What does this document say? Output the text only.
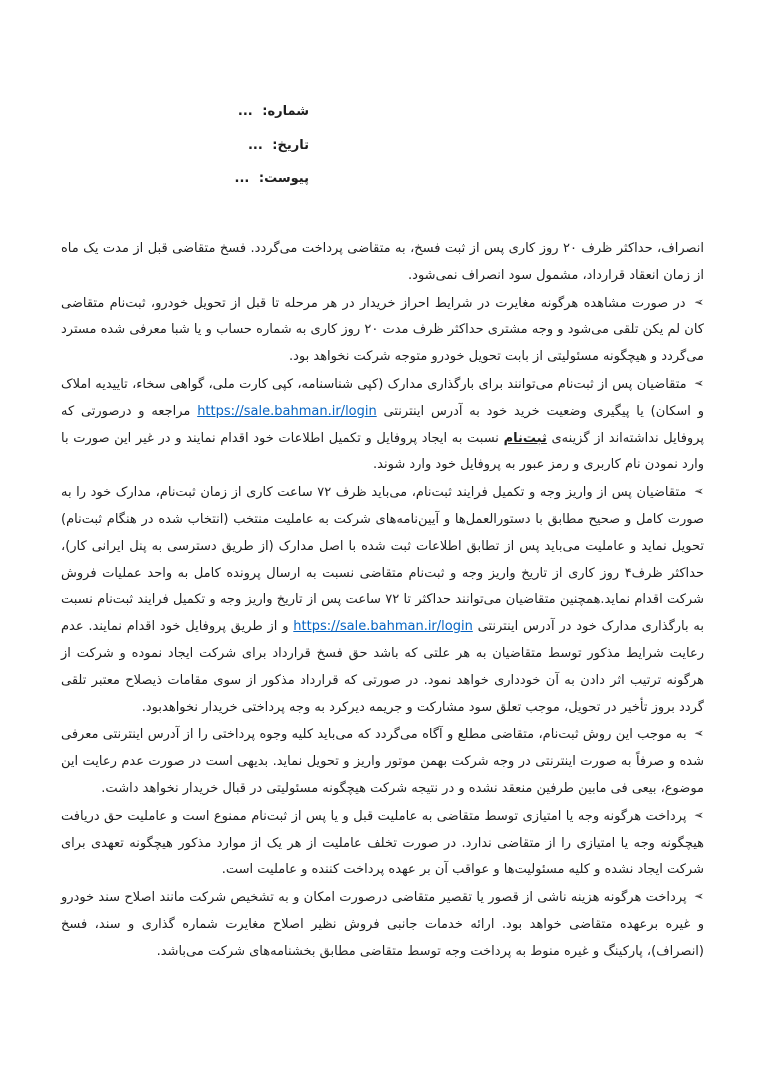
شماره: ...
تاریخ: ...
پیوست: ...

انصراف، حداکثر ظرف ۲۰ روز کاری پس از ثبت فسخ، به متقاضی پرداخت می‌گردد. فسخ متقاضی قبل از مدت یک ماه از زمان انعقاد قرارداد، مشمول سود انصراف نمی‌شود.

➢ در صورت مشاهده هرگونه مغایرت در شرایط احراز خریدار در هر مرحله تا قبل از تحویل خودرو، ثبت‌نام متقاضی کان لم یکن تلقی می‌شود و وجه مشتری حداکثر ظرف مدت ۲۰ روز کاری به شماره حساب و یا شبا معرفی شده مسترد می‌گردد و هیچگونه مسئولیتی از بابت تحویل خودرو متوجه شرکت نخواهد بود.

➢ متقاضیان پس از ثبت‌نام می‌توانند برای بارگذاری مدارک (کپی شناسنامه، کپی کارت ملی، گواهی سخاء، تاییدیه املاک و اسکان) یا پیگیری وضعیت خرید خود به آدرس اینترنتی https://sale.bahman.ir/login مراجعه و درصورتی که پروفایل نداشته‌اند از گزینه‌ی ثبت‌نام نسبت به ایجاد پروفایل و تکمیل اطلاعات خود اقدام نمایند و در غیر این صورت با وارد نمودن نام کاربری و رمز عبور به پروفایل خود وارد شوند.

➢ متقاضیان پس از واریز وجه و تکمیل فرایند ثبت‌نام، می‌باید ظرف ۷۲ ساعت کاری از زمان ثبت‌نام، مدارک خود را به صورت کامل و صحیح مطابق با دستورالعمل‌ها و آیین‌نامه‌های شرکت به عاملیت منتخب (انتخاب شده در هنگام ثبت‌نام) تحویل نماید و عاملیت می‌باید پس از تطابق اطلاعات ثبت شده با اصل مدارک (از طریق دسترسی به پنل ایرانی کار)، حداکثر ظرف۴ روز کاری از تاریخ واریز وجه و ثبت‌نام متقاضی نسبت به ارسال پرونده کامل به واحد عملیات فروش شرکت اقدام نماید.همچنین متقاضیان می‌توانند حداکثر تا ۷۲ ساعت پس از تاریخ واریز وجه و تکمیل فرایند ثبت‌نام نسبت به بارگذاری مدارک خود در آدرس اینترنتی https://sale.bahman.ir/login و از طریق پروفایل خود اقدام نمایند. عدم رعایت شرایط مذکور توسط متقاضیان به هر علتی که باشد حق فسخ قرارداد برای شرکت ایجاد نموده و شرکت از هرگونه ترتیب اثر دادن به آن خودداری خواهد نمود. در صورتی که قرارداد مذکور از سوی مقامات ذیصلاح معتبر تلقی گردد بروز تأخیر در تحویل، موجب تعلق سود مشارکت و جریمه دیرکرد به وجه پرداختی خریدار نخواهدبود.

➢ به موجب این روش ثبت‌نام، متقاضی مطلع و آگاه می‌گردد که می‌باید کلیه وجوه پرداختی را از آدرس اینترنتی معرفی شده و صرفاً به صورت اینترنتی در وجه شرکت بهمن موتور واریز و تحویل نماید. بدیهی است در صورت عدم رعایت این موضوع، بیعی فی مابین طرفین منعقد نشده و در نتیجه شرکت هیچگونه مسئولیتی در قبال خریدار نخواهد داشت.

➢ پرداخت هرگونه وجه یا امتیازی توسط متقاضی به عاملیت قبل و یا پس از ثبت‌نام ممنوع است و عاملیت حق دریافت هیچگونه وجه یا امتیازی را از متقاضی ندارد. در صورت تخلف عاملیت از هر یک از موارد مذکور هیچگونه تعهدی برای شرکت ایجاد نشده و کلیه مسئولیت‌ها و عواقب آن بر عهده پرداخت کننده و عاملیت است.

➢ پرداخت هرگونه هزینه ناشی از قصور یا تقصیر متقاضی درصورت امکان و به تشخیص شرکت مانند اصلاح سند خودرو و غیره برعهده متقاضی خواهد بود. ارائه خدمات جانبی فروش نظیر اصلاح مغایرت شماره گذاری و سند، فسخ (انصراف)، پارکینگ و غیره منوط به پرداخت وجه توسط متقاضی مطابق بخشنامه‌های شرکت می‌باشد.
